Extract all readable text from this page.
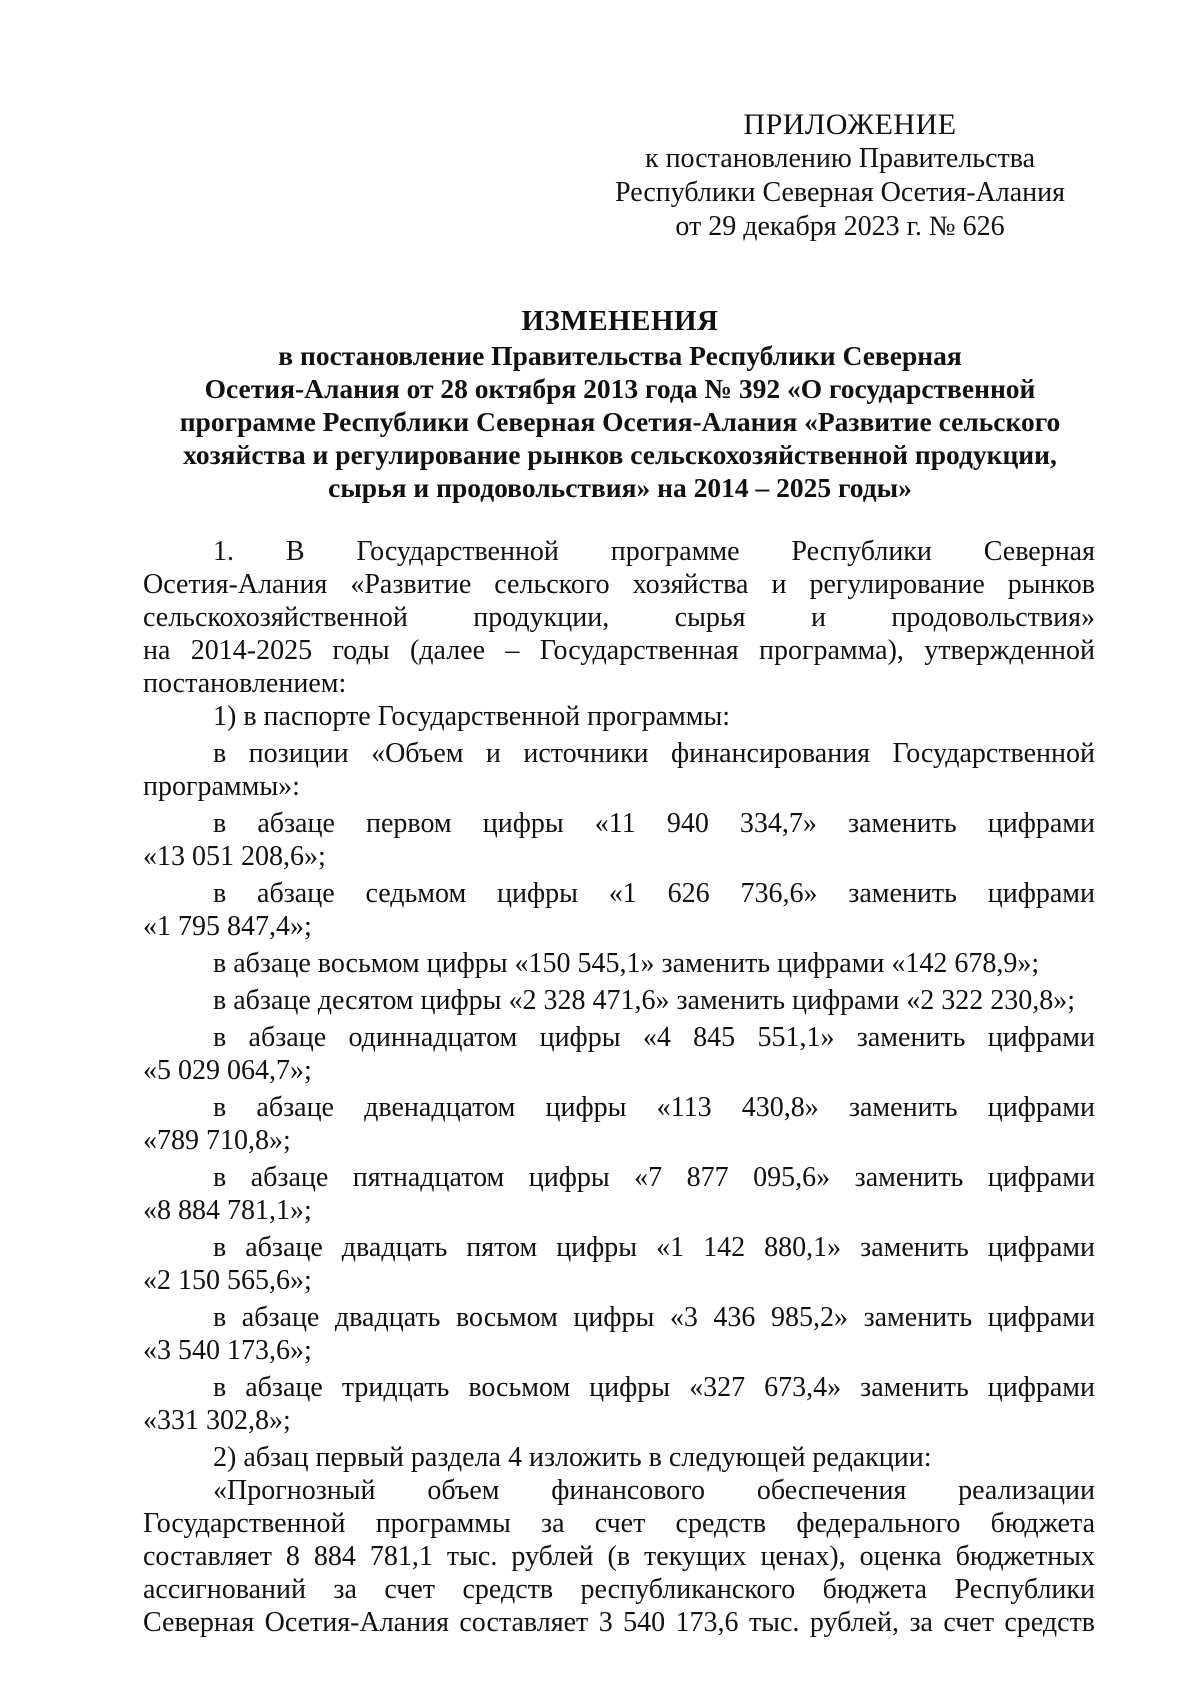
ПРИЛОЖЕНИЕ
к постановлению Правительства
Республики Северная Осетия-Алания
от 29 декабря 2023 г. № 626
ИЗМЕНЕНИЯ
в постановление Правительства Республики Северная
Осетия-Алания от 28 октября 2013 года № 392 «О государственной
программе Республики Северная Осетия-Алания «Развитие сельского
хозяйства и регулирование рынков сельскохозяйственной продукции,
сырья и продовольствия» на 2014 – 2025 годы»
1. В Государственной программе Республики Северная
Осетия-Алания «Развитие сельского хозяйства и регулирование рынков
сельскохозяйственной продукции, сырья и продовольствия»
на 2014-2025 годы (далее – Государственная программа), утвержденной
постановлением:
1) в паспорте Государственной программы:
в позиции «Объем и источники финансирования Государственной
программы»:
в абзаце первом цифры «11 940 334,7» заменить цифрами
«13 051 208,6»;
в абзаце седьмом цифры «1 626 736,6» заменить цифрами
«1 795 847,4»;
в абзаце восьмом цифры «150 545,1» заменить цифрами «142 678,9»;
в абзаце десятом цифры «2 328 471,6» заменить цифрами «2 322 230,8»;
в абзаце одиннадцатом цифры «4 845 551,1» заменить цифрами
«5 029 064,7»;
в абзаце двенадцатом цифры «113 430,8» заменить цифрами
«789 710,8»;
в абзаце пятнадцатом цифры «7 877 095,6» заменить цифрами
«8 884 781,1»;
в абзаце двадцать пятом цифры «1 142 880,1» заменить цифрами
«2 150 565,6»;
в абзаце двадцать восьмом цифры «3 436 985,2» заменить цифрами
«3 540 173,6»;
в абзаце тридцать восьмом цифры «327 673,4» заменить цифрами
«331 302,8»;
2) абзац первый раздела 4 изложить в следующей редакции:
«Прогнозный объем финансового обеспечения реализации
Государственной программы за счет средств федерального бюджета
составляет 8 884 781,1 тыс. рублей (в текущих ценах), оценка бюджетных
ассигнований за счет средств республиканского бюджета Республики
Северная Осетия-Алания составляет 3 540 173,6 тыс. рублей, за счет средств
